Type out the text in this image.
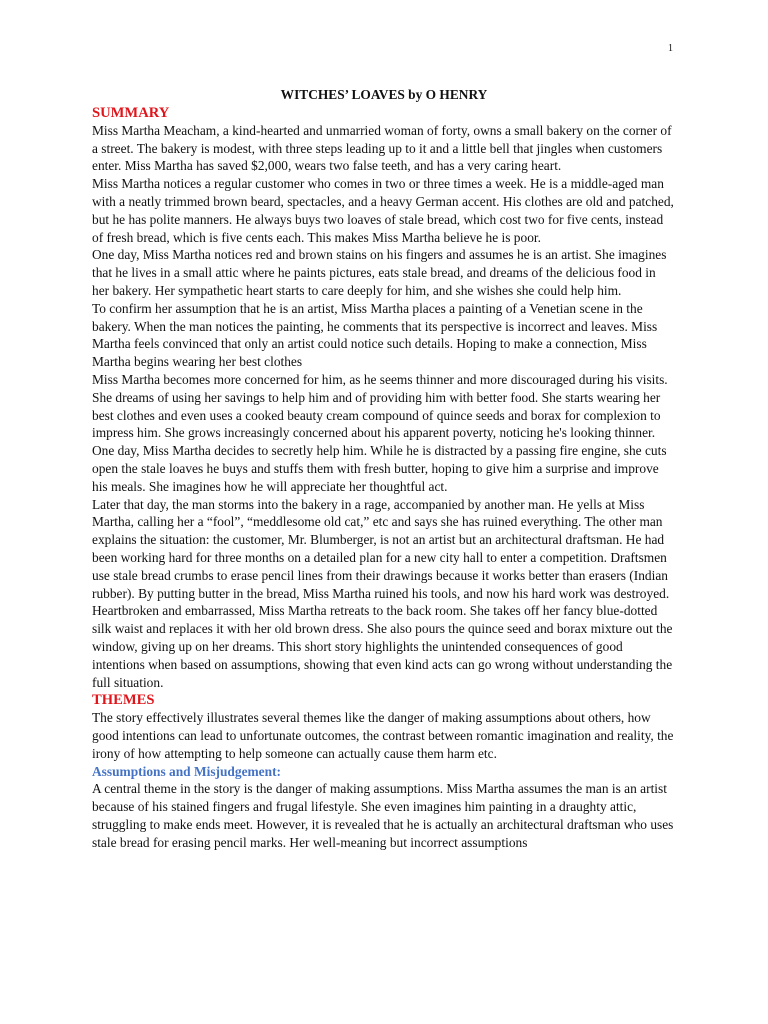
1
WITCHES’ LOAVES by O HENRY
SUMMARY

Miss Martha Meacham, a kind-hearted and unmarried woman of forty, owns a small bakery on the corner of a street. The bakery is modest, with three steps leading up to it and a little bell that jingles when customers enter. Miss Martha has saved $2,000, wears two false teeth, and has a very caring heart.

Miss Martha notices a regular customer who comes in two or three times a week. He is a middle-aged man with a neatly trimmed brown beard, spectacles, and a heavy German accent. His clothes are old and patched, but he has polite manners. He always buys two loaves of stale bread, which cost two for five cents, instead of fresh bread, which is five cents each. This makes Miss Martha believe he is poor.

One day, Miss Martha notices red and brown stains on his fingers and assumes he is an artist. She imagines that he lives in a small attic where he paints pictures, eats stale bread, and dreams of the delicious food in her bakery. Her sympathetic heart starts to care deeply for him, and she wishes she could help him.

To confirm her assumption that he is an artist, Miss Martha places a painting of a Venetian scene in the bakery. When the man notices the painting, he comments that its perspective is incorrect and leaves. Miss Martha feels convinced that only an artist could notice such details. Hoping to make a connection, Miss Martha begins wearing her best clothes

Miss Martha becomes more concerned for him, as he seems thinner and more discouraged during his visits. She dreams of using her savings to help him and of providing him with better food. She starts wearing her best clothes and even uses a cooked beauty cream compound of quince seeds and borax for complexion to impress him. She grows increasingly concerned about his apparent poverty, noticing he's looking thinner.

One day, Miss Martha decides to secretly help him. While he is distracted by a passing fire engine, she cuts open the stale loaves he buys and stuffs them with fresh butter, hoping to give him a surprise and improve his meals. She imagines how he will appreciate her thoughtful act.

Later that day, the man storms into the bakery in a rage, accompanied by another man. He yells at Miss Martha, calling her a “fool”, “meddlesome old cat,” etc and says she has ruined everything. The other man explains the situation: the customer, Mr. Blumberger, is not an artist but an architectural draftsman. He had been working hard for three months on a detailed plan for a new city hall to enter a competition. Draftsmen use stale bread crumbs to erase pencil lines from their drawings because it works better than erasers (Indian rubber). By putting butter in the bread, Miss Martha ruined his tools, and now his hard work was destroyed.

Heartbroken and embarrassed, Miss Martha retreats to the back room. She takes off her fancy blue-dotted silk waist and replaces it with her old brown dress. She also pours the quince seed and borax mixture out the window, giving up on her dreams. This short story highlights the unintended consequences of good intentions when based on assumptions, showing that even kind acts can go wrong without understanding the full situation.

THEMES

The story effectively illustrates several themes like the danger of making assumptions about others, how good intentions can lead to unfortunate outcomes, the contrast between romantic imagination and reality, the irony of how attempting to help someone can actually cause them harm etc.

Assumptions and Misjudgement:

A central theme in the story is the danger of making assumptions. Miss Martha assumes the man is an artist because of his stained fingers and frugal lifestyle. She even imagines him painting in a draughty attic, struggling to make ends meet. However, it is revealed that he is actually an architectural draftsman who uses stale bread for erasing pencil marks. Her well-meaning but incorrect assumptions
